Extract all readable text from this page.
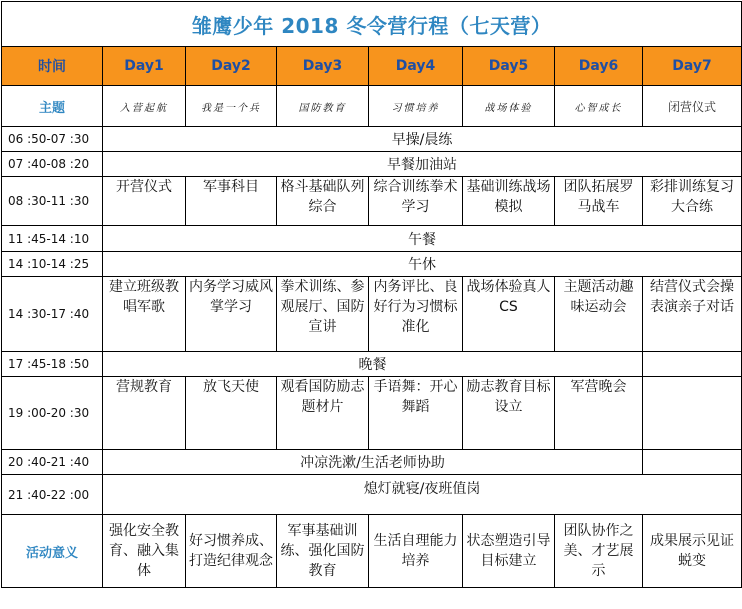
雏鹰少年 2018 冬令营行程（七天营）							
时间	Day1	Day2	Day3	Day4	Day5	Day6	Day7
主题	入营起航	我是一个兵	国防教育	习惯培养	战场体验	心智成长	闭营仪式
06 :50-07 :30	早操/晨练						
07 :40-08 :20	早餐加油站						
08 :30-11 :30	开营仪式	军事科目	格斗基础队列综合	综合训练拳术学习	基础训练战场模拟	团队拓展罗马战车	彩排训练复习大合练
11 :45-14 :10	午餐						
14 :10-14 :25	午休						
14 :30-17 :40	建立班级教唱军歌	内务学习威风掌学习	拳术训练、参观展厅、国防宣讲	内务评比、良好行为习惯标准化	战场体验真人 CS	主题活动趣味运动会	结营仪式会操表演亲子对话
17 :45-18 :50	晚餐						
19 :00-20 :30	营规教育	放飞天使	观看国防励志题材片	手语舞：开心舞蹈	励志教育目标设立	军营晚会	
20 :40-21 :40	冲凉洗漱/生活老师协助						
21 :40-22 :00	熄灯就寝/夜班值岗						
活动意义	强化安全教育、融入集体	好习惯养成、打造纪律观念	军事基础训练、强化国防教育	生活自理能力培养	状态塑造引导目标建立	团队协作之美、才艺展示	成果展示见证蜕变
